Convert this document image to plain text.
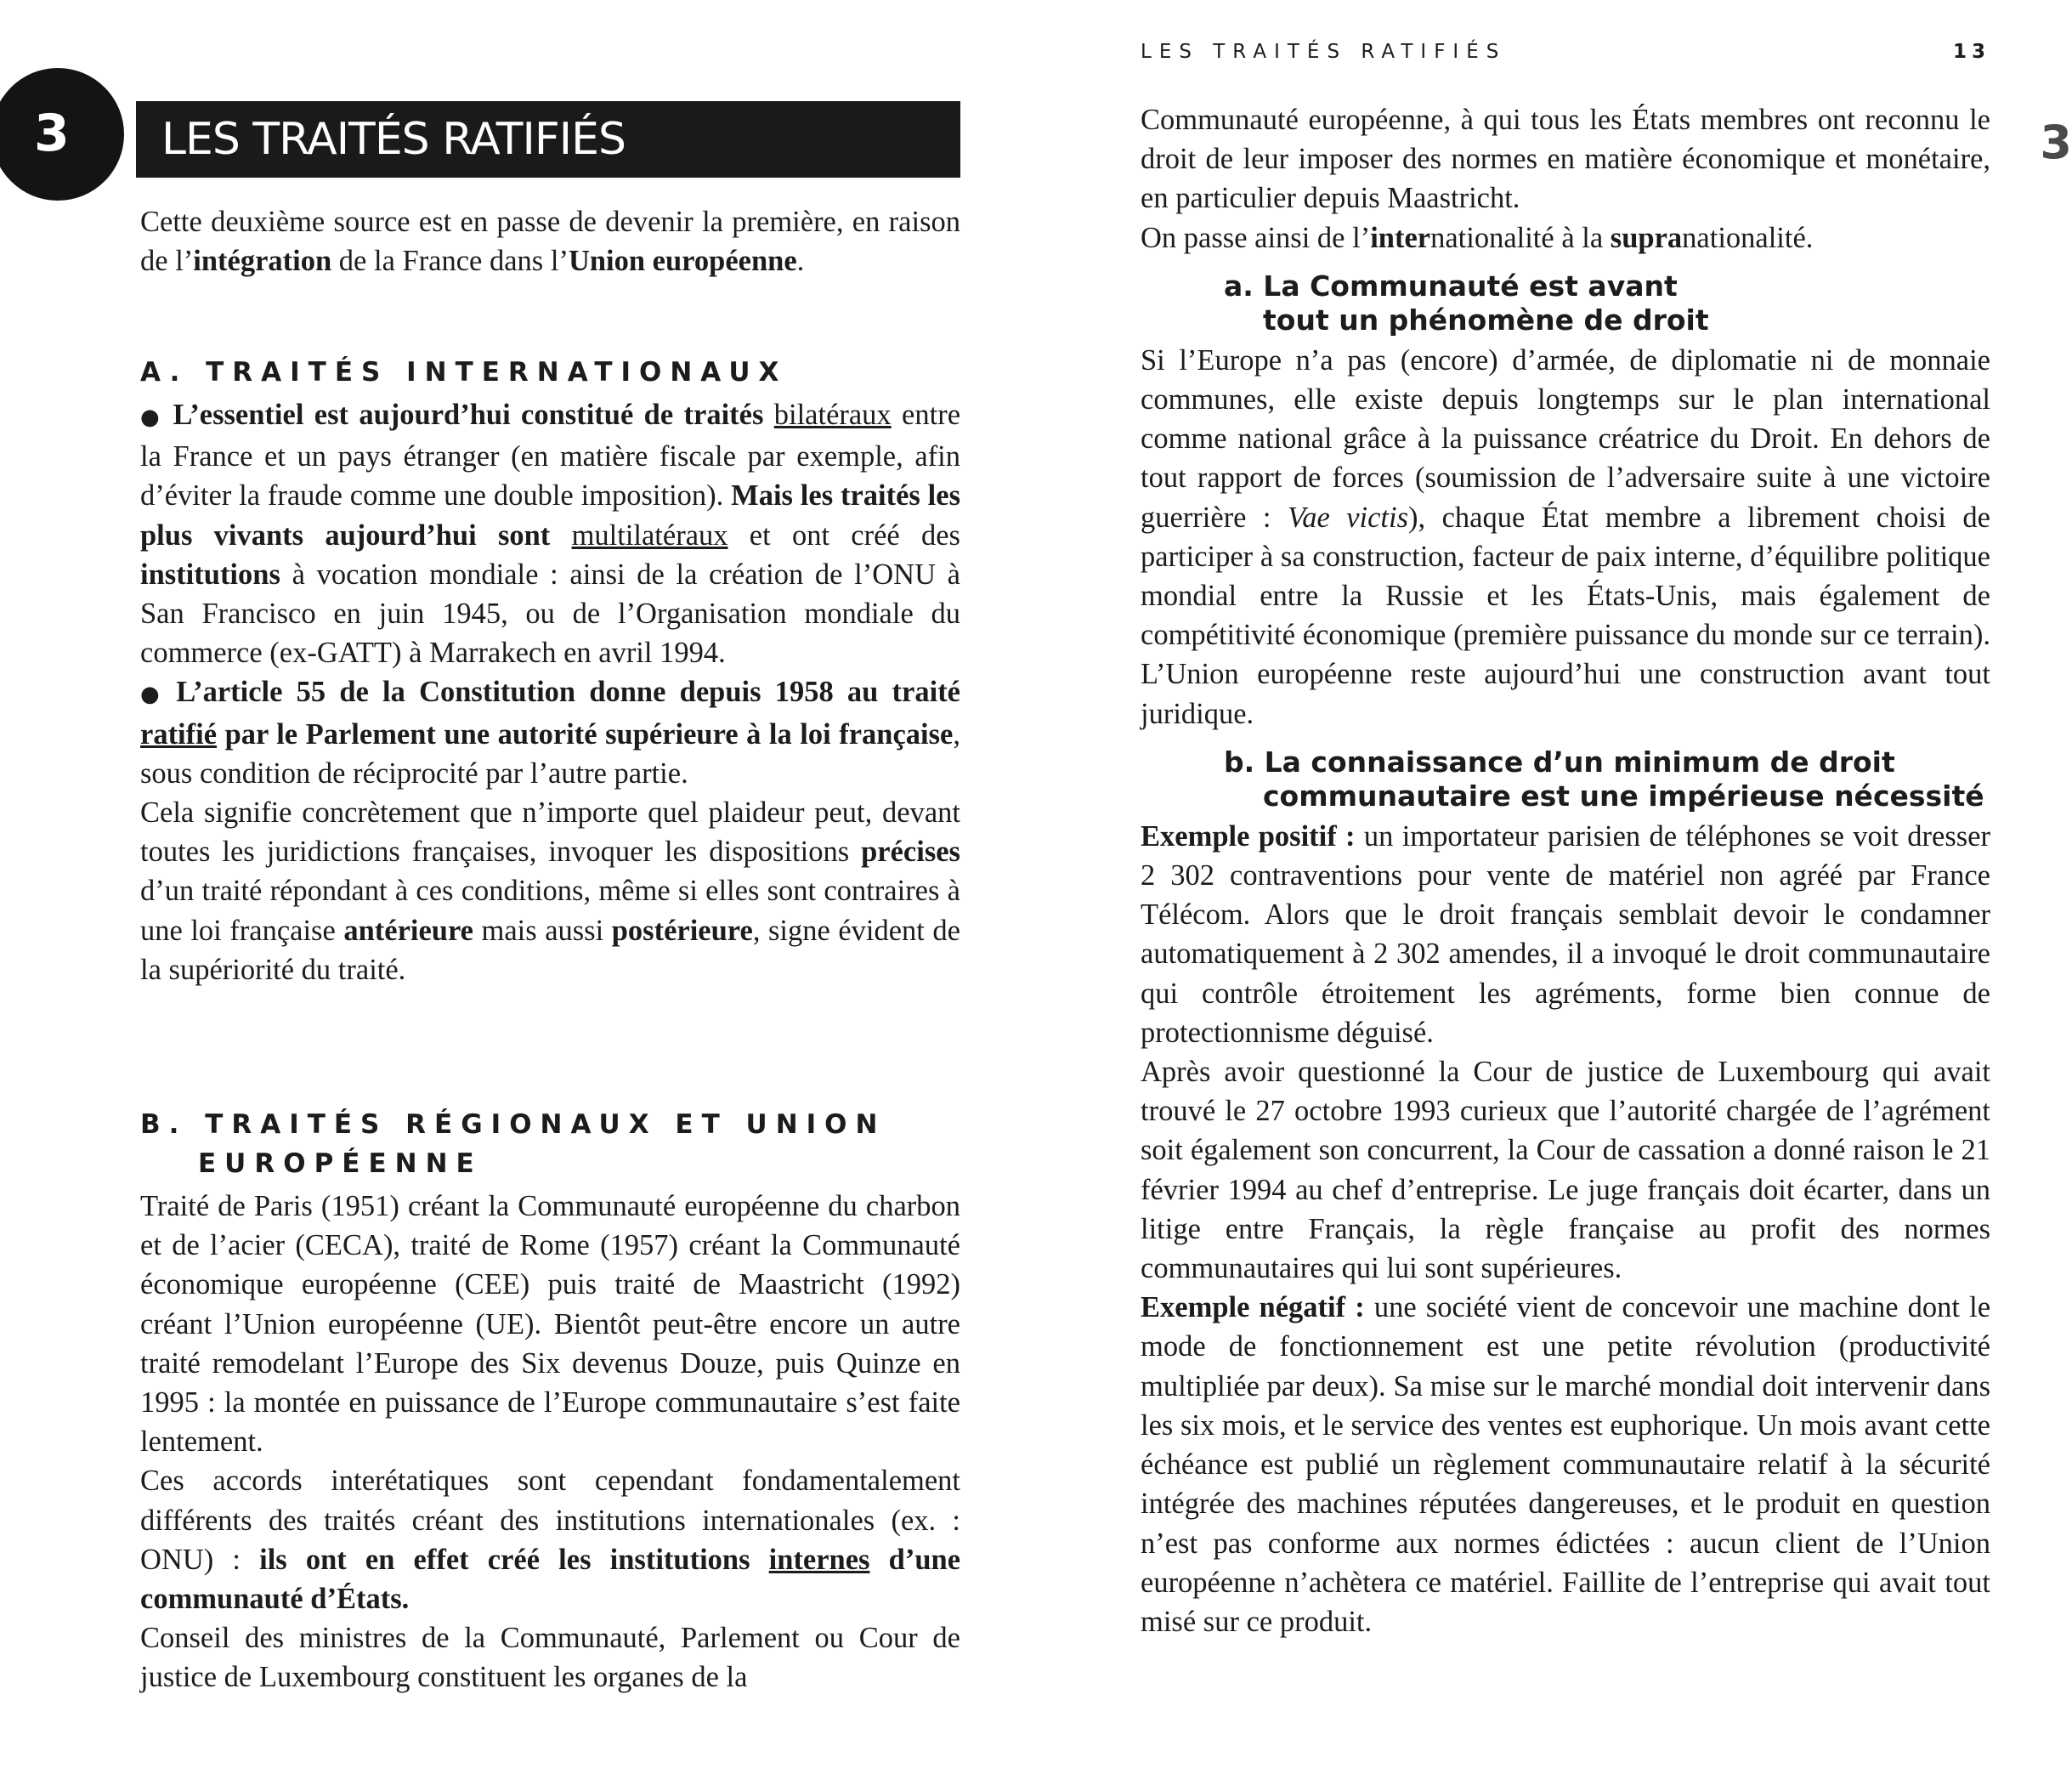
3 LES TRAITÉS RATIFIÉS

Cette deuxième source est en passe de devenir la première, en raison de l’intégration de la France dans l’Union européenne.

A. TRAITÉS INTERNATIONAUX

● L’essentiel est aujourd’hui constitué de traités bilatéraux entre la France et un pays étranger (en matière fiscale par exemple, afin d’éviter la fraude comme une double imposition). Mais les traités les plus vivants aujourd’hui sont multilatéraux et ont créé des institutions à vocation mondiale : ainsi de la création de l’ONU à San Francisco en juin 1945, ou de l’Organisation mondiale du commerce (ex-GATT) à Marrakech en avril 1994.

● L’article 55 de la Constitution donne depuis 1958 au traité ratifié par le Parlement une autorité supérieure à la loi française, sous condition de réciprocité par l’autre partie.

Cela signifie concrètement que n’importe quel plaideur peut, devant toutes les juridictions françaises, invoquer les dispositions précises d’un traité répondant à ces conditions, même si elles sont contraires à une loi française antérieure mais aussi postérieure, signe évident de la supériorité du traité.

B. TRAITÉS RÉGIONAUX ET UNION
EUROPÉENNE

Traité de Paris (1951) créant la Communauté européenne du charbon et de l’acier (CECA), traité de Rome (1957) créant la Communauté économique européenne (CEE) puis traité de Maastricht (1992) créant l’Union européenne (UE). Bientôt peut-être encore un autre traité remodelant l’Europe des Six devenus Douze, puis Quinze en 1995 : la montée en puissance de l’Europe communautaire s’est faite lentement.

Ces accords interétatiques sont cependant fondamentalement différents des traités créant des institutions internationales (ex. : ONU) : ils ont en effet créé les institutions internes d’une communauté d’États.

Conseil des ministres de la Communauté, Parlement ou Cour de justice de Luxembourg constituent les organes de la

LES TRAITÉS RATIFIÉS	13
3

Communauté européenne, à qui tous les États membres ont reconnu le droit de leur imposer des normes en matière économique et monétaire, en particulier depuis Maastricht.

On passe ainsi de l’internationalité à la supranationalité.

a. La Communauté est avant
tout un phénomène de droit

Si l’Europe n’a pas (encore) d’armée, de diplomatie ni de monnaie communes, elle existe depuis longtemps sur le plan international comme national grâce à la puissance créatrice du Droit. En dehors de tout rapport de forces (soumission de l’adversaire suite à une victoire guerrière : Vae victis), chaque État membre a librement choisi de participer à sa construction, facteur de paix interne, d’équilibre politique mondial entre la Russie et les États-Unis, mais également de compétitivité économique (première puissance du monde sur ce terrain). L’Union européenne reste aujourd’hui une construction avant tout juridique.

b. La connaissance d’un minimum de droit
communautaire est une impérieuse nécessité

Exemple positif : un importateur parisien de téléphones se voit dresser 2 302 contraventions pour vente de matériel non agréé par France Télécom. Alors que le droit français semblait devoir le condamner automatiquement à 2 302 amendes, il a invoqué le droit communautaire qui contrôle étroitement les agréments, forme bien connue de protectionnisme déguisé.

Après avoir questionné la Cour de justice de Luxembourg qui avait trouvé le 27 octobre 1993 curieux que l’autorité chargée de l’agrément soit également son concurrent, la Cour de cassation a donné raison le 21 février 1994 au chef d’entreprise. Le juge français doit écarter, dans un litige entre Français, la règle française au profit des normes communautaires qui lui sont supérieures.

Exemple négatif : une société vient de concevoir une machine dont le mode de fonctionnement est une petite révolution (productivité multipliée par deux). Sa mise sur le marché mondial doit intervenir dans les six mois, et le service des ventes est euphorique. Un mois avant cette échéance est publié un règlement communautaire relatif à la sécurité intégrée des machines réputées dangereuses, et le produit en question n’est pas conforme aux normes édictées : aucun client de l’Union européenne n’achètera ce matériel. Faillite de l’entreprise qui avait tout misé sur ce produit.
